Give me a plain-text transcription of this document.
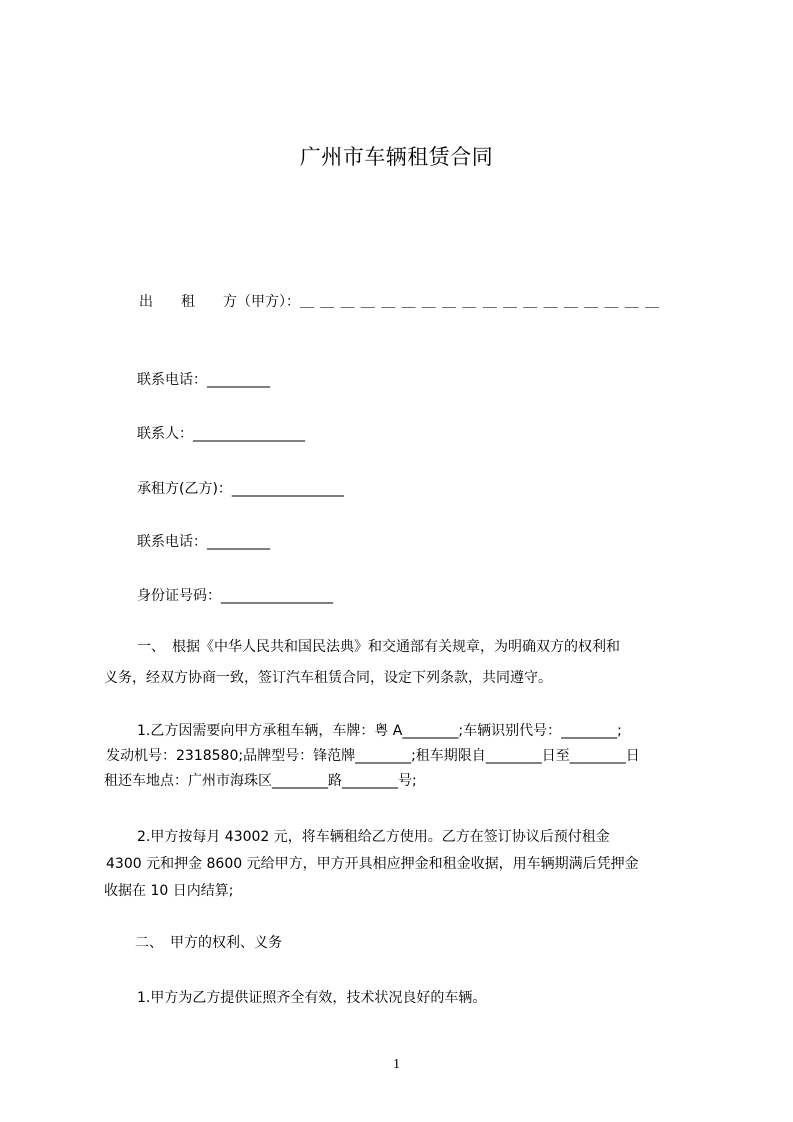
广州市车辆租赁合同
出　　租　　方（甲方）：＿＿＿＿＿＿＿＿＿＿＿＿＿＿＿＿＿＿
联系电话：_________
联系人：________________
承租方(乙方)：________________
联系电话：_________
身份证号码：________________
一、　根据《中华人民共和国民法典》和交通部有关规章，为明确双方的权利和
义务，经双方协商一致，签订汽车租赁合同，设定下列条款，共同遵守。
1.乙方因需要向甲方承租车辆，车牌：粤 A________;车辆识别代号：________;
发动机号：2318580;品牌型号：锋范牌________;租车期限自________日至________日
租还车地点：广州市海珠区________路________号;
2.甲方按每月 43002 元，将车辆租给乙方使用。乙方在签订协议后预付租金
4300 元和押金 8600 元给甲方，甲方开具相应押金和租金收据，用车辆期满后凭押金
收据在 10 日内结算;
二、　甲方的权利、义务
1.甲方为乙方提供证照齐全有效，技术状况良好的车辆。
1
